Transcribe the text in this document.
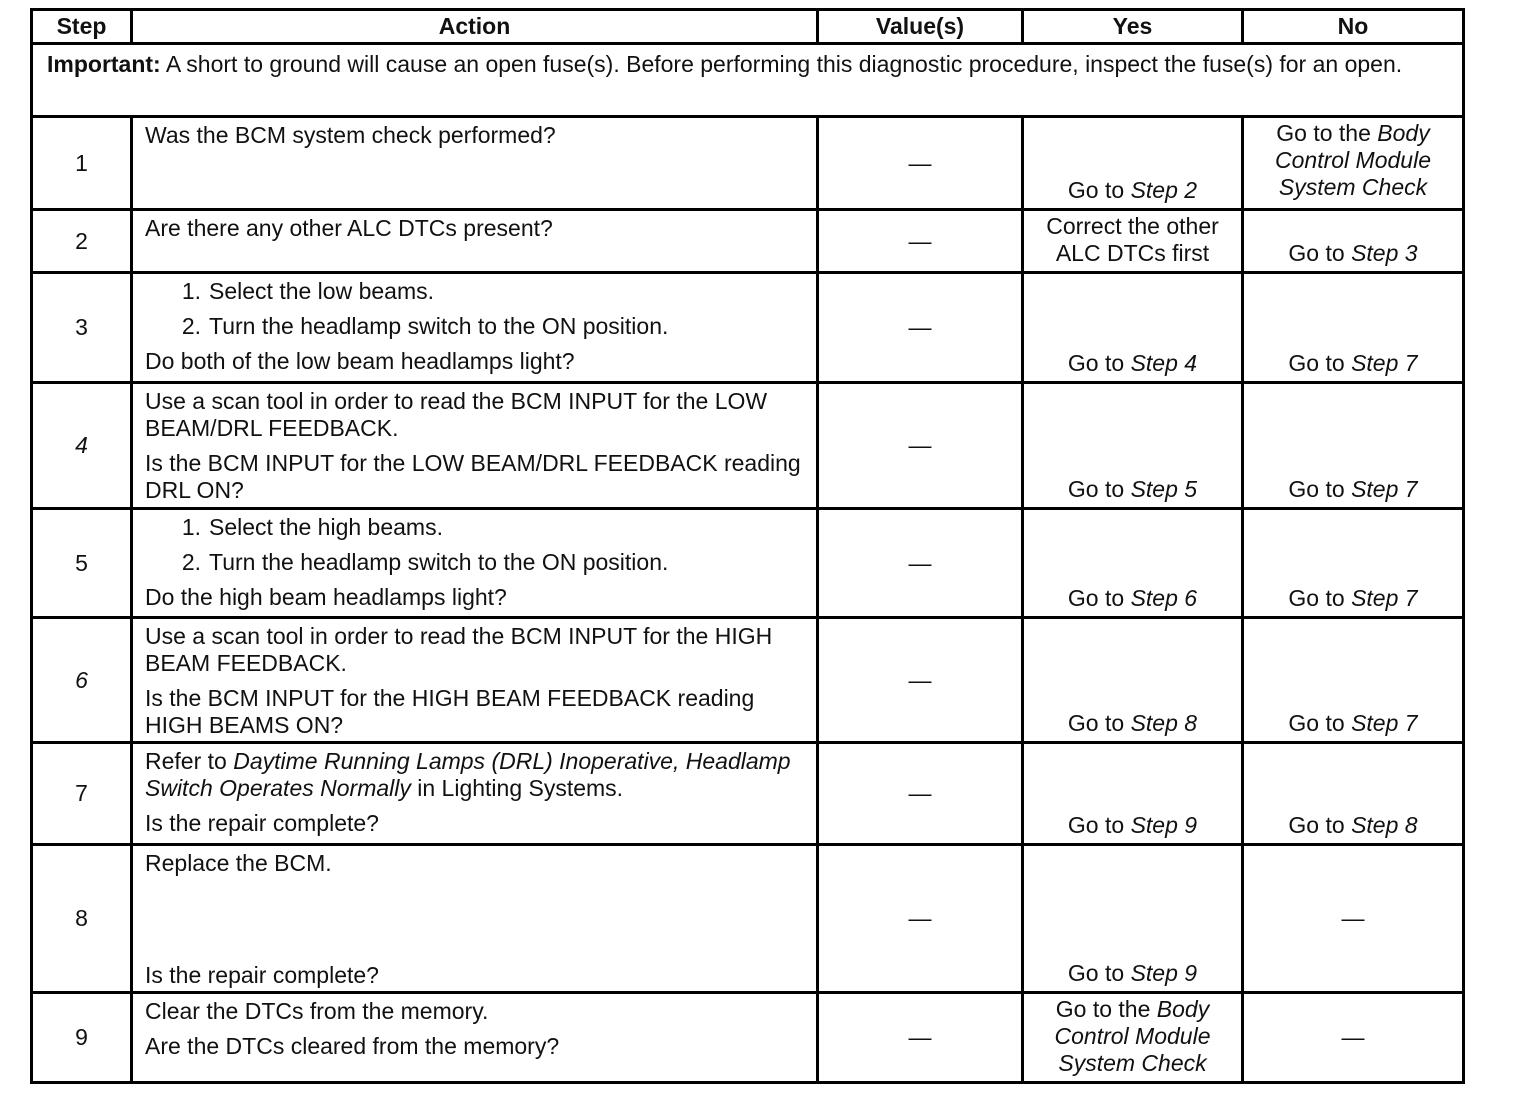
Step	Action	Value(s)	Yes	No
Important: A short to ground will cause an open fuse(s). Before performing this diagnostic procedure, inspect the fuse(s) for an open.				
1	Was the BCM system check performed?	—	Go to Step 2	Go to the Body
Control Module
System Check
2	Are there any other ALC DTCs present?	—	Correct the other
ALC DTCs first	Go to Step 3
3	1. Select the low beams.
2. Turn the headlamp switch to the ON position.
Do both of the low beam headlamps light?	—	Go to Step 4	Go to Step 7
4	Use a scan tool in order to read the BCM INPUT for the LOW BEAM/DRL FEEDBACK.
Is the BCM INPUT for the LOW BEAM/DRL FEEDBACK reading DRL ON?	—	Go to Step 5	Go to Step 7
5	1. Select the high beams.
2. Turn the headlamp switch to the ON position.
Do the high beam headlamps light?	—	Go to Step 6	Go to Step 7
6	Use a scan tool in order to read the BCM INPUT for the HIGH BEAM FEEDBACK.
Is the BCM INPUT for the HIGH BEAM FEEDBACK reading HIGH BEAMS ON?	—	Go to Step 8	Go to Step 7
7	Refer to Daytime Running Lamps (DRL) Inoperative, Headlamp Switch Operates Normally in Lighting Systems.
Is the repair complete?	—	Go to Step 9	Go to Step 8
8	Replace the BCM.
Is the repair complete?	—	Go to Step 9	—
9	Clear the DTCs from the memory.
Are the DTCs cleared from the memory?	—	Go to the Body
Control Module
System Check	—
